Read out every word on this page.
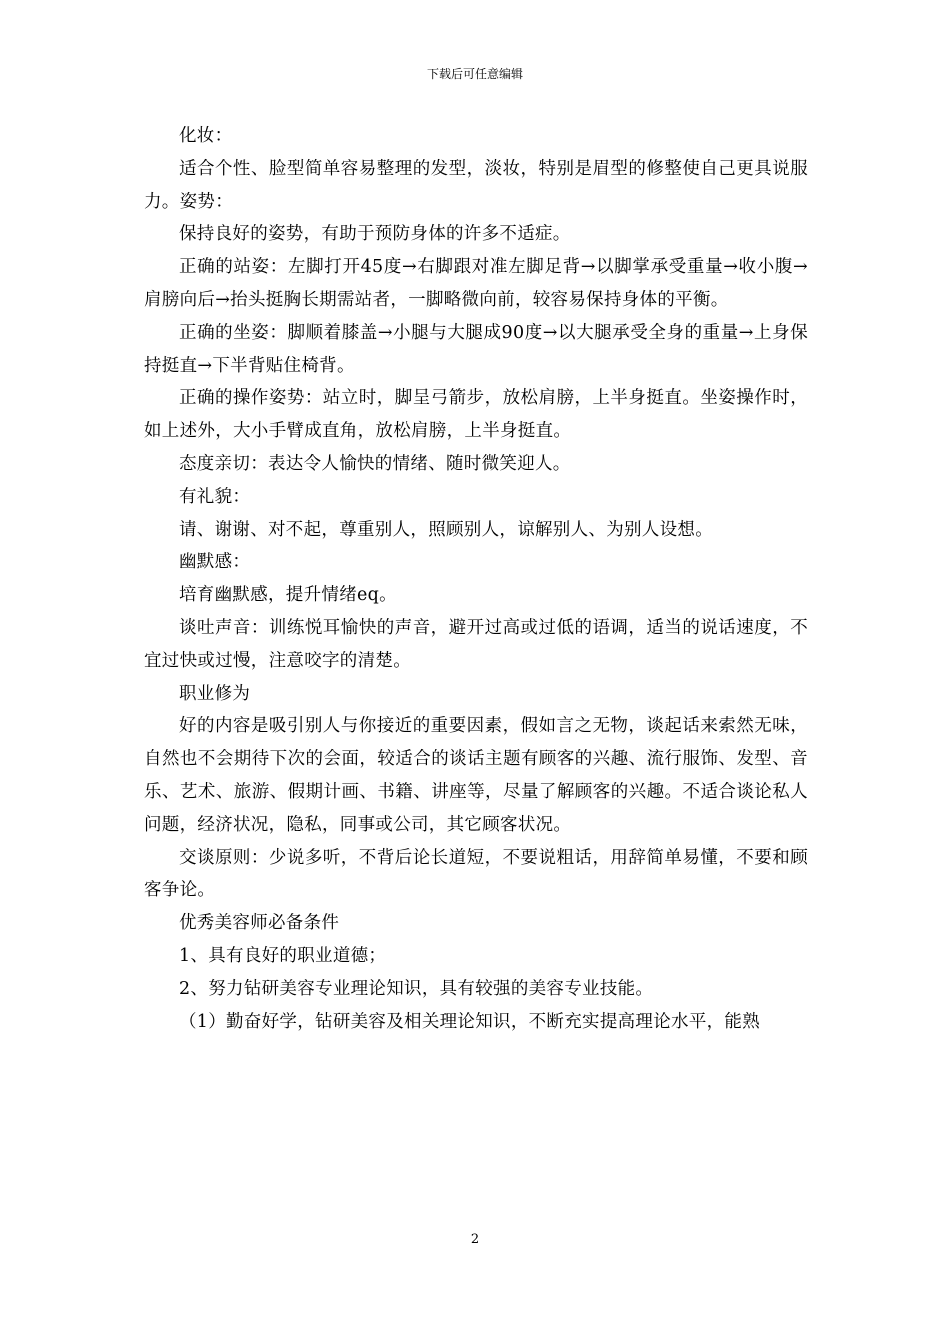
下载后可任意编辑

化妆：

适合个性、脸型简单容易整理的发型，淡妆，特别是眉型的修整使自己更具说服力。姿势：

保持良好的姿势，有助于预防身体的许多不适症。

正确的站姿：左脚打开45度→右脚跟对准左脚足背→以脚掌承受重量→收小腹→肩膀向后→抬头挺胸长期需站者，一脚略微向前，较容易保持身体的平衡。

正确的坐姿：脚顺着膝盖→小腿与大腿成90度→以大腿承受全身的重量→上身保持挺直→下半背贴住椅背。

正确的操作姿势：站立时，脚呈弓箭步，放松肩膀，上半身挺直。坐姿操作时，如上述外，大小手臂成直角，放松肩膀，上半身挺直。

态度亲切：表达令人愉快的情绪、随时微笑迎人。

有礼貌：

请、谢谢、对不起，尊重别人，照顾别人，谅解别人、为别人设想。

幽默感：

培育幽默感，提升情绪eq。

谈吐声音：训练悦耳愉快的声音，避开过高或过低的语调，适当的说话速度，不宜过快或过慢，注意咬字的清楚。

职业修为

好的内容是吸引别人与你接近的重要因素，假如言之无物，谈起话来索然无味，自然也不会期待下次的会面，较适合的谈话主题有顾客的兴趣、流行服饰、发型、音乐、艺术、旅游、假期计画、书籍、讲座等，尽量了解顾客的兴趣。不适合谈论私人问题，经济状况，隐私，同事或公司，其它顾客状况。

交谈原则：少说多听，不背后论长道短，不要说粗话，用辞简单易懂，不要和顾客争论。

优秀美容师必备条件

1、具有良好的职业道德；

2、努力钻研美容专业理论知识，具有较强的美容专业技能。

（1）勤奋好学，钻研美容及相关理论知识，不断充实提高理论水平，能熟

2
